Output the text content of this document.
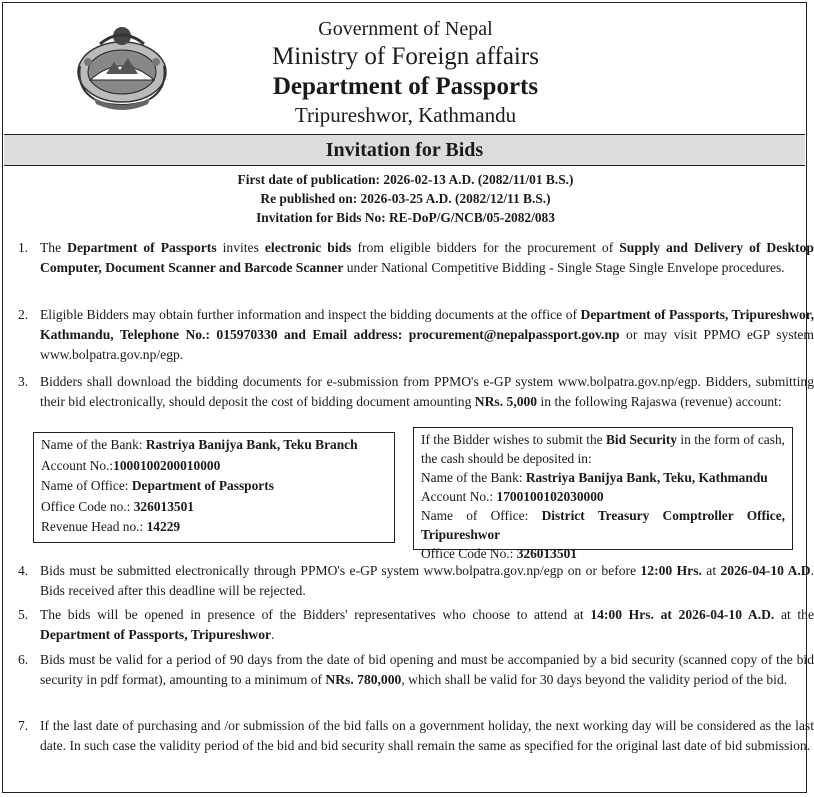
Government of Nepal
Ministry of Foreign affairs
Department of Passports
Tripureshwor, Kathmandu
Invitation for Bids
First date of publication: 2026-02-13 A.D. (2082/11/01 B.S.)
Re published on: 2026-03-25 A.D. (2082/12/11 B.S.)
Invitation for Bids No: RE-DoP/G/NCB/05-2082/083
1. The Department of Passports invites electronic bids from eligible bidders for the procurement of Supply and Delivery of Desktop Computer, Document Scanner and Barcode Scanner under National Competitive Bidding - Single Stage Single Envelope procedures.
2. Eligible Bidders may obtain further information and inspect the bidding documents at the office of Department of Passports, Tripureshwor, Kathmandu, Telephone No.: 015970330 and Email address: procurement@nepalpassport.gov.np or may visit PPMO eGP system www.bolpatra.gov.np/egp.
3. Bidders shall download the bidding documents for e-submission from PPMO's e-GP system www.bolpatra.gov.np/egp. Bidders, submitting their bid electronically, should deposit the cost of bidding document amounting NRs. 5,000 in the following Rajaswa (revenue) account:
Name of the Bank: Rastriya Banijya Bank, Teku Branch
Account No.:1000100200010000
Name of Office: Department of Passports
Office Code no.: 326013501
Revenue Head no.: 14229
If the Bidder wishes to submit the Bid Security in the form of cash, the cash should be deposited in:
Name of the Bank: Rastriya Banijya Bank, Teku, Kathmandu
Account No.: 1700100102030000
Name of Office: District Treasury Comptroller Office, Tripureshwor
Office Code No.: 326013501
4. Bids must be submitted electronically through PPMO's e-GP system www.bolpatra.gov.np/egp on or before 12:00 Hrs. at 2026-04-10 A.D. Bids received after this deadline will be rejected.
5. The bids will be opened in presence of the Bidders' representatives who choose to attend at 14:00 Hrs. at 2026-04-10 A.D. at the Department of Passports, Tripureshwor.
6. Bids must be valid for a period of 90 days from the date of bid opening and must be accompanied by a bid security (scanned copy of the bid security in pdf format), amounting to a minimum of NRs. 780,000, which shall be valid for 30 days beyond the validity period of the bid.
7. If the last date of purchasing and /or submission of the bid falls on a government holiday, the next working day will be considered as the last date. In such case the validity period of the bid and bid security shall remain the same as specified for the original last date of bid submission.
